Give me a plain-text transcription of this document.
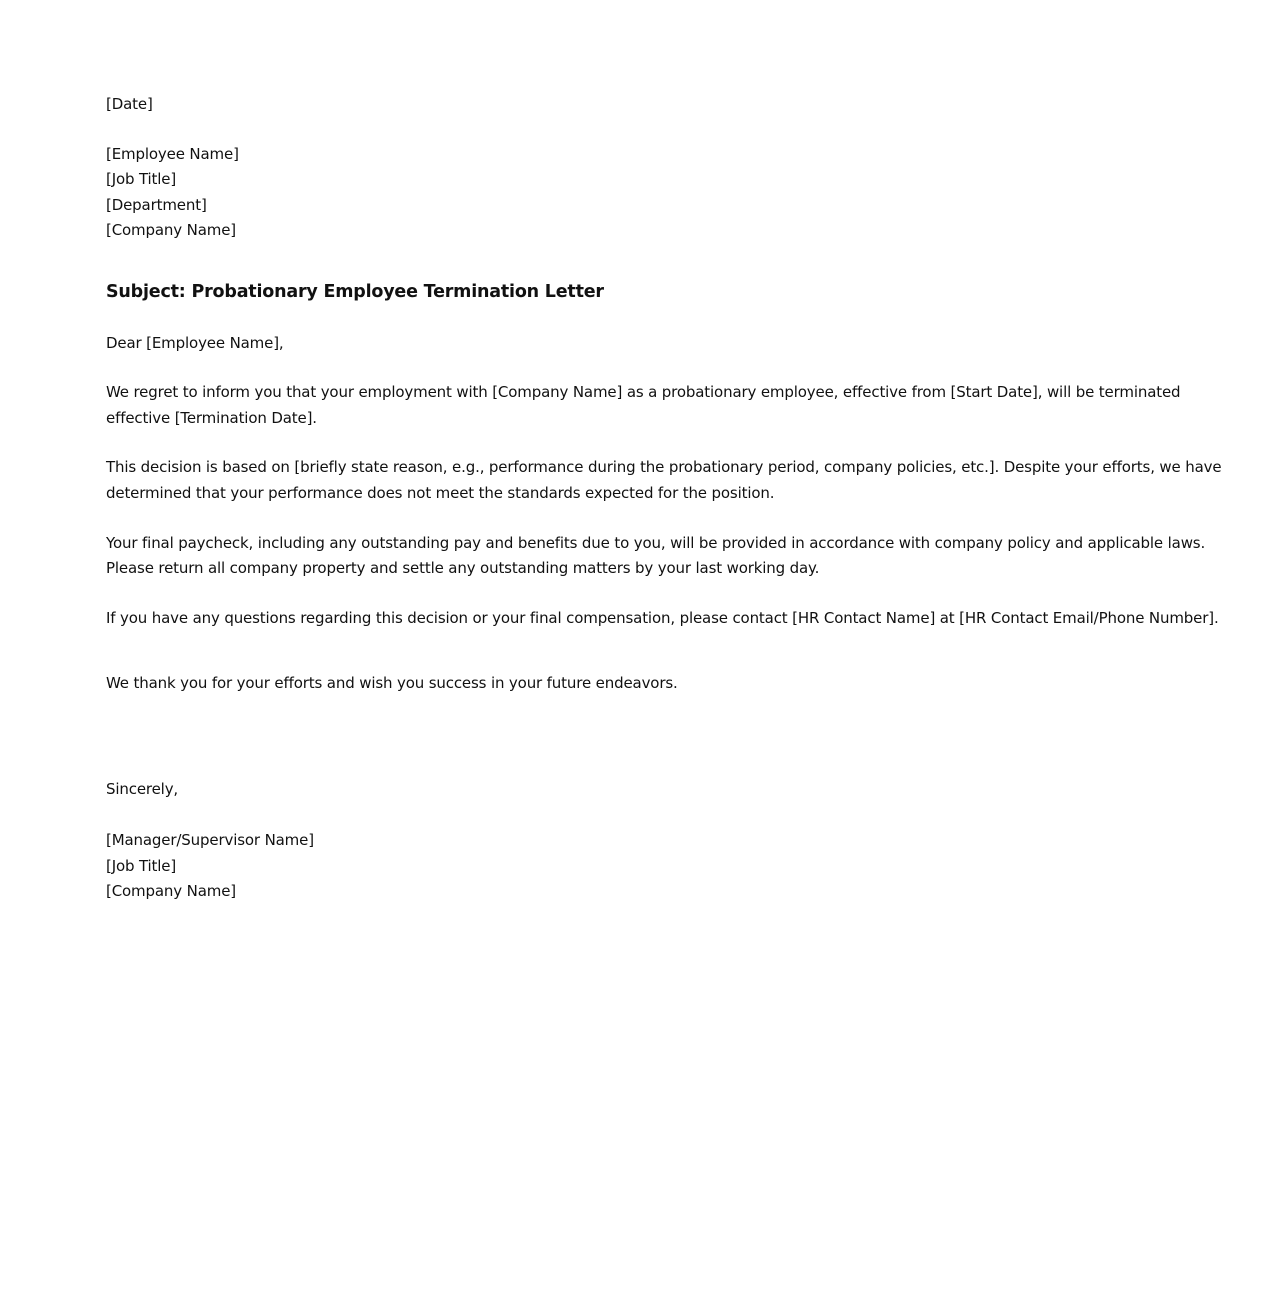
[Date]

[Employee Name]

[Job Title]

[Department]

[Company Name]

Subject: Probationary Employee Termination Letter

Dear [Employee Name],

We regret to inform you that your employment with [Company Name] as a probationary employee, effective from [Start Date], will be terminated

effective [Termination Date].

This decision is based on [briefly state reason, e.g., performance during the probationary period, company policies, etc.]. Despite your efforts, we have

determined that your performance does not meet the standards expected for the position.

Your final paycheck, including any outstanding pay and benefits due to you, will be provided in accordance with company policy and applicable laws.

Please return all company property and settle any outstanding matters by your last working day.

If you have any questions regarding this decision or your final compensation, please contact [HR Contact Name] at [HR Contact Email/Phone Number].

We thank you for your efforts and wish you success in your future endeavors.

Sincerely,

[Manager/Supervisor Name]

[Job Title]

[Company Name]
